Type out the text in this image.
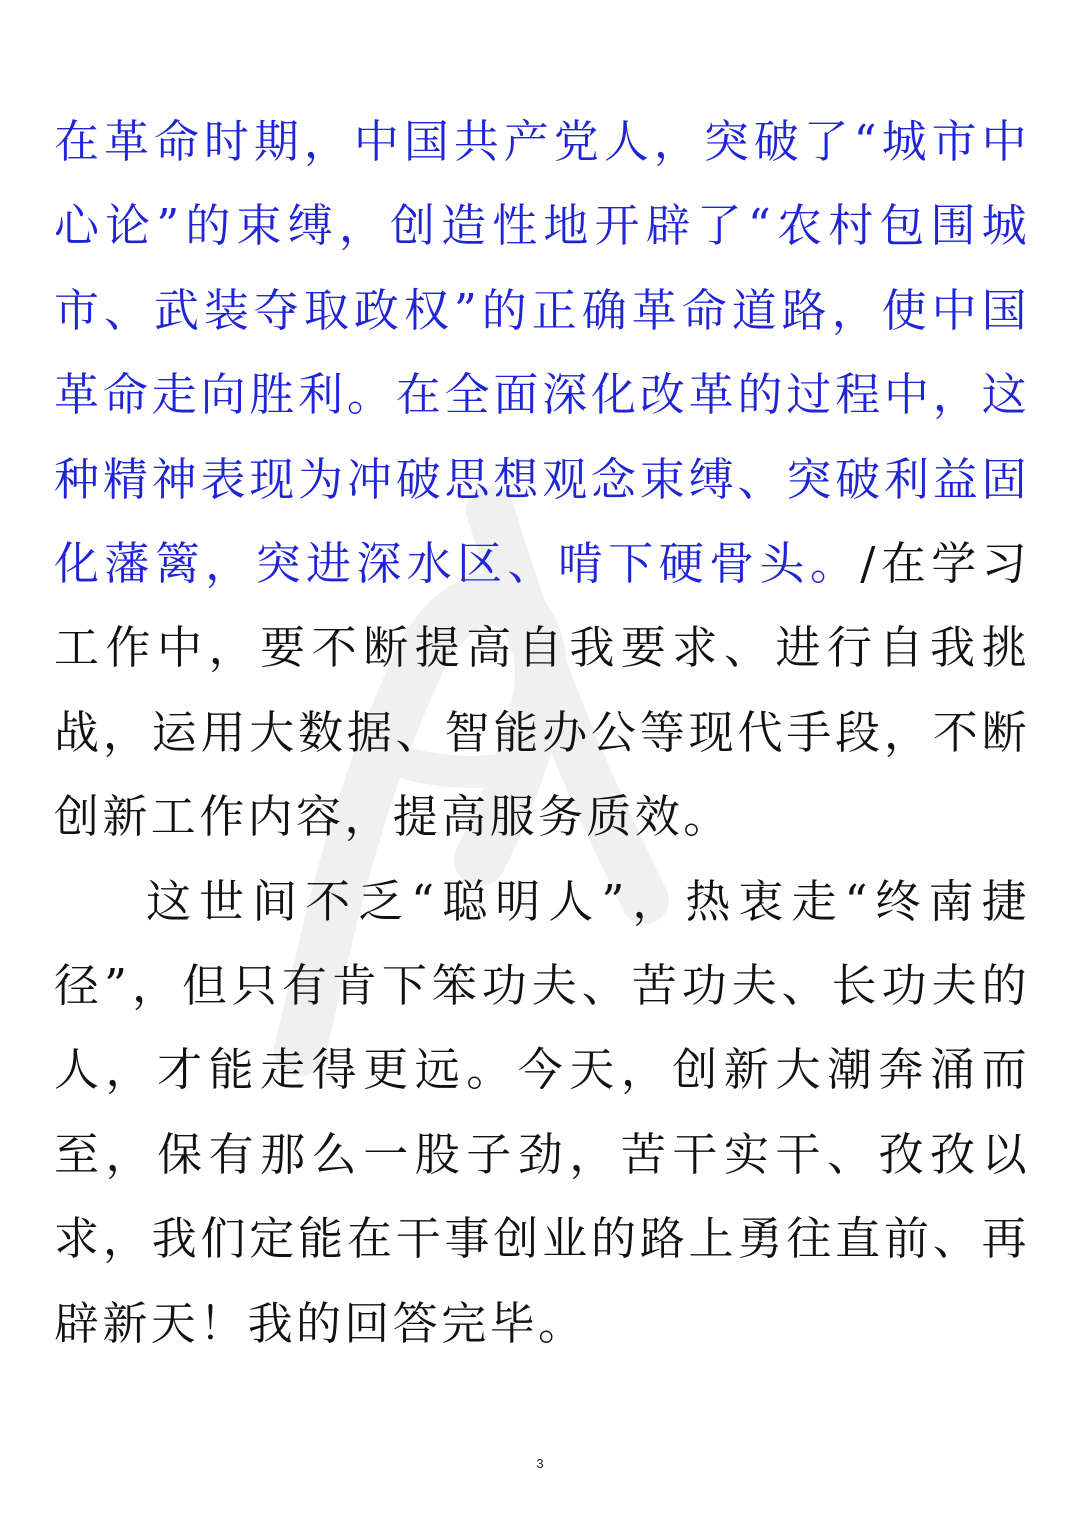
在革命时期，中国共产党人，突破了“城市中心论”的束缚，创造性地开辟了“农村包围城市、武装夺取政权”的正确革命道路，使中国革命走向胜利。在全面深化改革的过程中，这种精神表现为冲破思想观念束缚、突破利益固化藩篱，突进深水区、啃下硬骨头。/在学习工作中，要不断提高自我要求、进行自我挑战，运用大数据、智能办公等现代手段，不断创新工作内容，提高服务质效。

这世间不乏“聪明人”，热衷走“终南捷径”，但只有肯下笨功夫、苦功夫、长功夫的人，才能走得更远。今天，创新大潮奔涌而至，保有那么一股子劲，苦干实干、孜孜以求，我们定能在干事创业的路上勇往直前、再辟新天！我的回答完毕。

3
